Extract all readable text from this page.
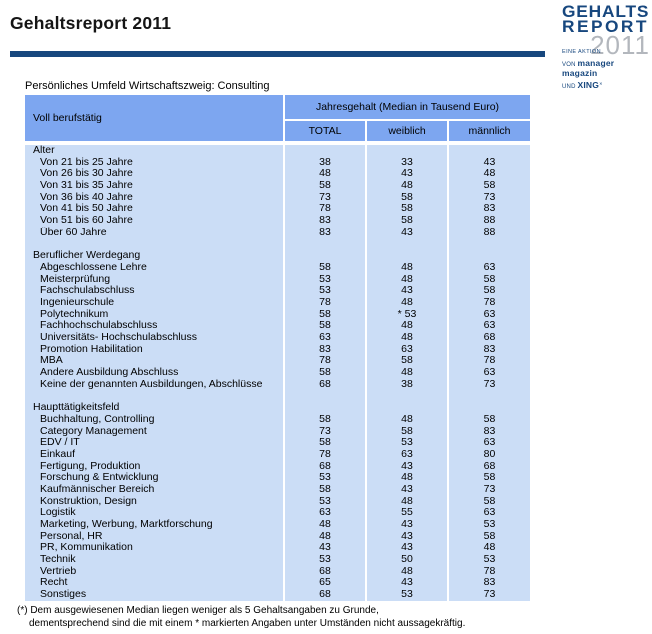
Gehaltsreport 2011
GEHALTS
REPORT
2011
EINE AKTION
VON manager magazin
UND XING✕
Persönliches Umfeld Wirtschaftszweig: Consulting
Voll berufstätig
Jahresgehalt (Median in Tausend Euro)
TOTAL	weiblich	männlich
Alter
Von 21 bis 25 Jahre	38	33	43
Von 26 bis 30 Jahre	48	43	48
Von 31 bis 35 Jahre	58	48	58
Von 36 bis 40 Jahre	73	58	73
Von 41 bis 50 Jahre	78	58	83
Von 51 bis 60 Jahre	83	58	88
Über 60 Jahre	83	43	88
Beruflicher Werdegang
Abgeschlossene Lehre	58	48	63
Meisterprüfung	53	48	58
Fachschulabschluss	53	43	58
Ingenieurschule	78	48	78
Polytechnikum	58	* 53	63
Fachhochschulabschluss	58	48	63
Universitäts- Hochschulabschluss	63	48	68
Promotion Habilitation	83	63	83
MBA	78	58	78
Andere Ausbildung Abschluss	58	48	63
Keine der genannten Ausbildungen, Abschlüsse	68	38	73
Haupttätigkeitsfeld
Buchhaltung, Controlling	58	48	58
Category Management	73	58	83
EDV / IT	58	53	63
Einkauf	78	63	80
Fertigung, Produktion	68	43	68
Forschung & Entwicklung	53	48	58
Kaufmännischer Bereich	58	43	73
Konstruktion, Design	53	48	58
Logistik	63	55	63
Marketing, Werbung, Marktforschung	48	43	53
Personal, HR	48	43	58
PR, Kommunikation	43	43	48
Technik	53	50	53
Vertrieb	68	48	78
Recht	65	43	83
Sonstiges	68	53	73
(*) Dem ausgewiesenen Median liegen weniger als 5 Gehaltsangaben zu Grunde,
dementsprechend sind die mit einem * markierten Angaben unter Umständen nicht aussagekräftig.
